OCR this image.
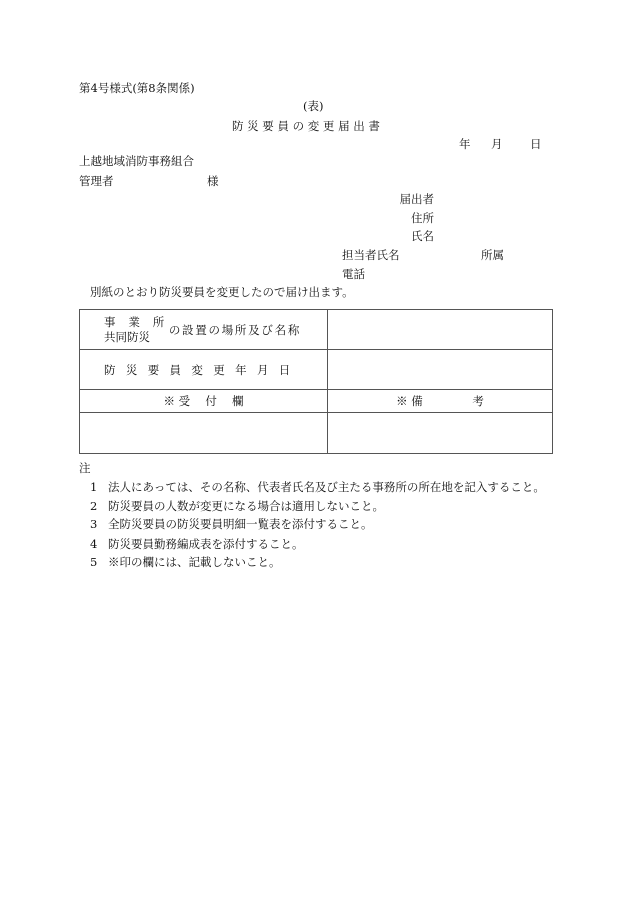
第4号様式(第8条関係)
(表)
防 災 要 員 の 変 更 届 出 書
年 月 日
上越地域消防事務組合
管理者	様
届出者
住所
氏名
担当者氏名	所属
電話
別紙のとおり防災要員を変更したので届け出ます。
事 業 所
共同防災 の設置の場所及び名称	

防災要員変更年月日	
※ 受　 付　 欄	※ 備　　　　 考

注
1 法人にあっては、その名称、代表者氏名及び主たる事務所の所在地を記入すること。
2 防災要員の人数が変更になる場合は適用しないこと。
3 全防災要員の防災要員明細一覧表を添付すること。
4 防災要員勤務編成表を添付すること。
5 ※印の欄には、記載しないこと。
